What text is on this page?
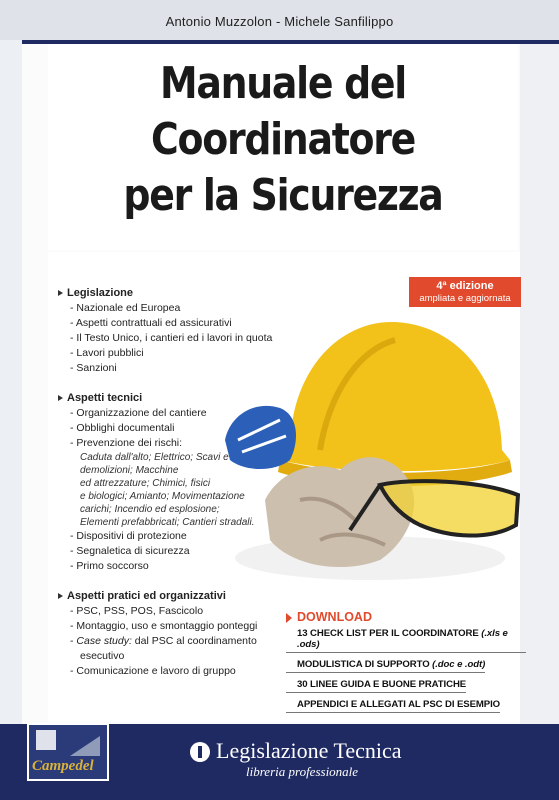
Antonio Muzzolon - Michele Sanfilippo
Manuale del
Coordinatore
per la Sicurezza
4ª edizione
ampliata e aggiornata
Legislazione
- Nazionale ed Europea
- Aspetti contrattuali ed assicurativi
- Il Testo Unico, i cantieri ed i lavori in quota
- Lavori pubblici
- Sanzioni
Aspetti tecnici
- Organizzazione del cantiere
- Obblighi documentali
- Prevenzione dei rischi:
Caduta dall'alto; Elettrico; Scavi e
demolizioni; Macchine
ed attrezzature; Chimici, fisici
e biologici; Amianto; Movimentazione
carichi; Incendio ed esplosione;
Elementi prefabbricati; Cantieri stradali.
- Dispositivi di protezione
- Segnaletica di sicurezza
- Primo soccorso
Aspetti pratici ed organizzativi
- PSC, PSS, POS, Fascicolo
- Montaggio, uso e smontaggio ponteggi
- Case study: dal PSC al coordinamento
esecutivo
- Comunicazione e lavoro di gruppo
DOWNLOAD
13 CHECK LIST PER IL COORDINATORE (.xls e .ods)
MODULISTICA DI SUPPORTO (.doc e .odt)
30 LINEE GUIDA E BUONE PRATICHE
APPENDICI E ALLEGATI AL PSC DI ESEMPIO
Campedel
Legislazione Tecnica
libreria professionale
